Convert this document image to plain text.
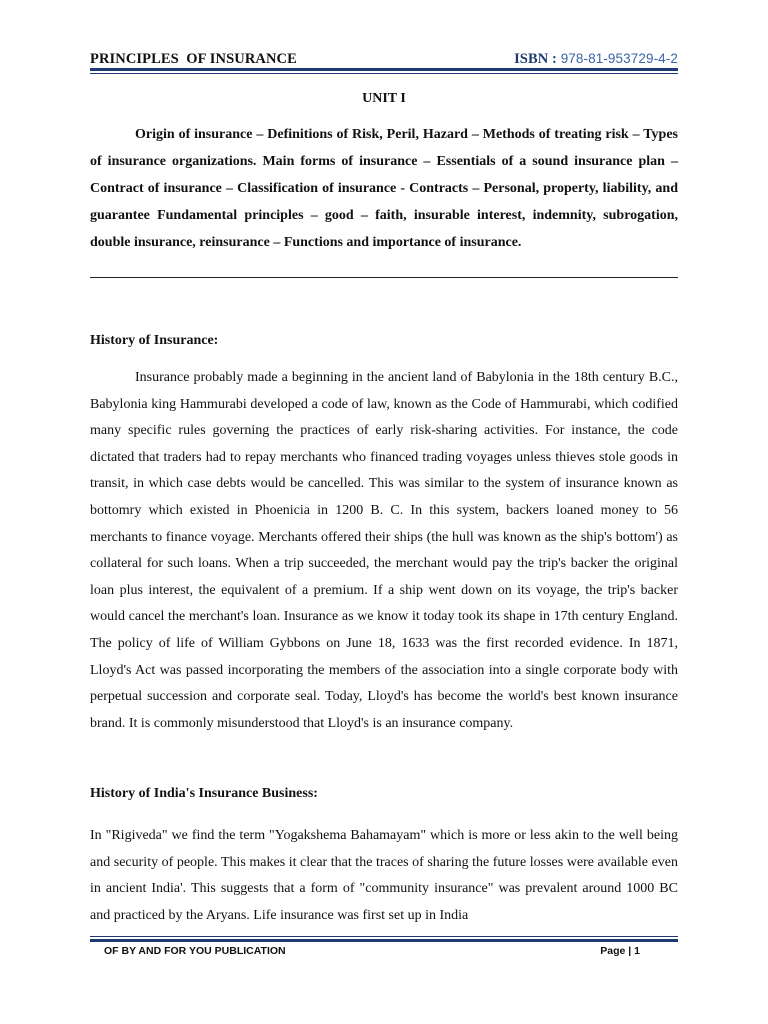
PRINCIPLES  OF INSURANCE	ISBN : 978-81-953729-4-2
UNIT I

Origin of insurance – Definitions of Risk, Peril, Hazard – Methods of treating risk – Types of insurance organizations. Main forms of insurance – Essentials of a sound insurance plan – Contract of insurance – Classification of insurance - Contracts – Personal, property, liability, and guarantee Fundamental principles – good – faith, insurable interest, indemnity, subrogation, double insurance, reinsurance – Functions and importance of insurance.

History of Insurance:

Insurance probably made a beginning in the ancient land of Babylonia in the 18th century B.C., Babylonia king Hammurabi developed a code of law, known as the Code of Hammurabi, which codified many specific rules governing the practices of early risk-sharing activities. For instance, the code dictated that traders had to repay merchants who financed trading voyages unless thieves stole goods in transit, in which case debts would be cancelled. This was similar to the system of insurance known as bottomry which existed in Phoenicia in 1200 B. C. In this system, backers loaned money to 56 merchants to finance voyage. Merchants offered their ships (the hull was known as the ship's bottom') as collateral for such loans. When a trip succeeded, the merchant would pay the trip's backer the original loan plus interest, the equivalent of a premium. If a ship went down on its voyage, the trip's backer would cancel the merchant's loan. Insurance as we know it today took its shape in 17th century England. The policy of life of William Gybbons on June 18, 1633 was the first recorded evidence. In 1871, Lloyd's Act was passed incorporating the members of the association into a single corporate body with perpetual succession and corporate seal. Today, Lloyd's has become the world's best known insurance brand. It is commonly misunderstood that Lloyd's is an insurance company.

History of India's Insurance Business:

In "Rigiveda" we find the term "Yogakshema Bahamayam" which is more or less akin to the well being and security of people. This makes it clear that the traces of sharing the future losses were available even in ancient India'. This suggests that a form of "community insurance" was prevalent around 1000 BC and practiced by the Aryans. Life insurance was first set up in India

OF BY AND FOR YOU PUBLICATION	Page | 1
